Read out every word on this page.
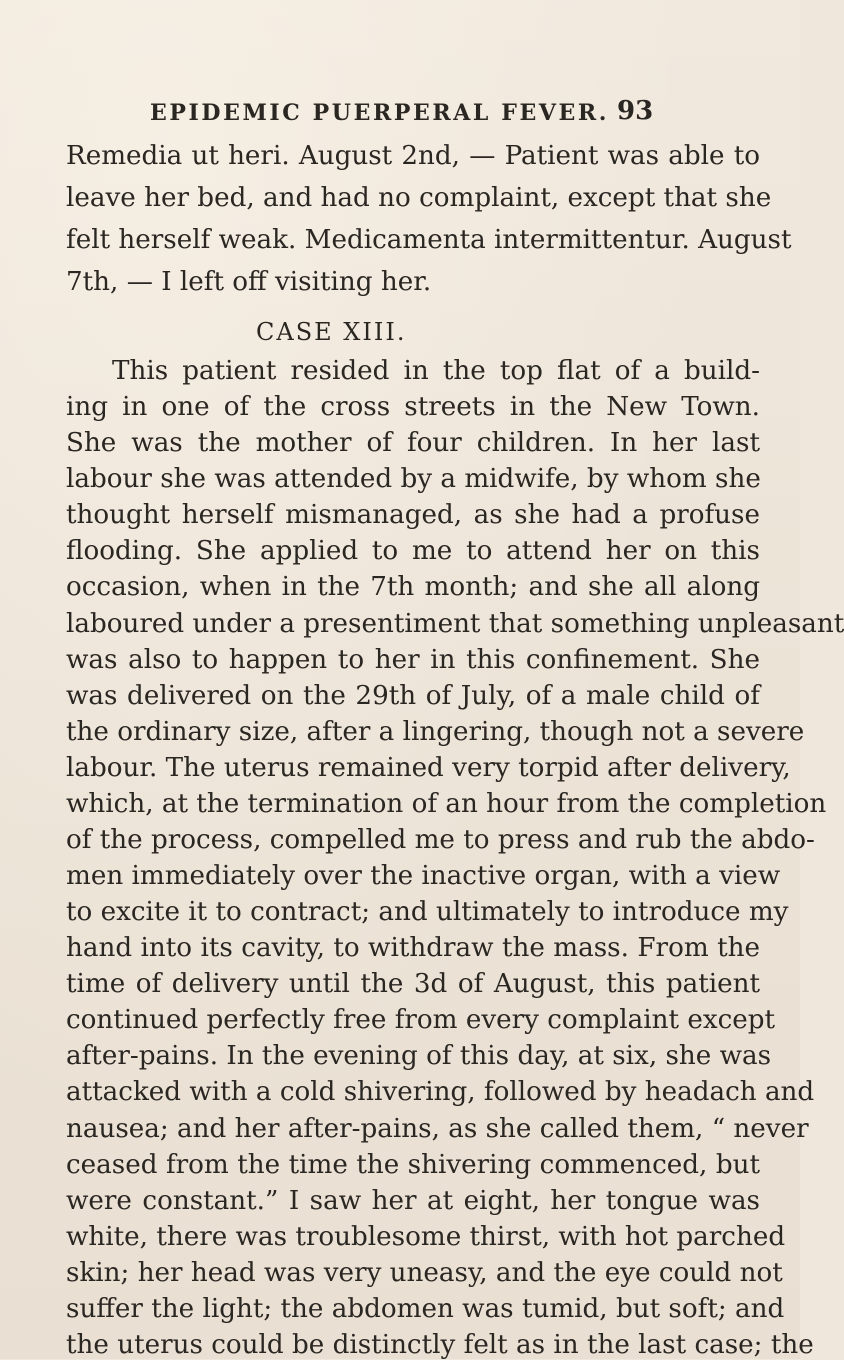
EPIDEMIC PUERPERAL FEVER. 93
Remedia ut heri. August 2nd, — Patient was able to
leave her bed, and had no complaint, except that she
felt herself weak. Medicamenta intermittentur. August
7th, — I left off visiting her.
CASE XIII.
This patient resided in the top flat of a build-
ing in one of the cross streets in the New Town.
She was the mother of four children. In her last
labour she was attended by a midwife, by whom she
thought herself mismanaged, as she had a profuse
flooding. She applied to me to attend her on this
occasion, when in the 7th month; and she all along
laboured under a presentiment that something unpleasant
was also to happen to her in this confinement. She
was delivered on the 29th of July, of a male child of
the ordinary size, after a lingering, though not a severe
labour. The uterus remained very torpid after delivery,
which, at the termination of an hour from the completion
of the process, compelled me to press and rub the abdo-
men immediately over the inactive organ, with a view
to excite it to contract; and ultimately to introduce my
hand into its cavity, to withdraw the mass. From the
time of delivery until the 3d of August, this patient
continued perfectly free from every complaint except
after-pains. In the evening of this day, at six, she was
attacked with a cold shivering, followed by headach and
nausea; and her after-pains, as she called them, “ never
ceased from the time the shivering commenced, but
were constant.” I saw her at eight, her tongue was
white, there was troublesome thirst, with hot parched
skin; her head was very uneasy, and the eye could not
suffer the light; the abdomen was tumid, but soft; and
the uterus could be distinctly felt as in the last case; the
